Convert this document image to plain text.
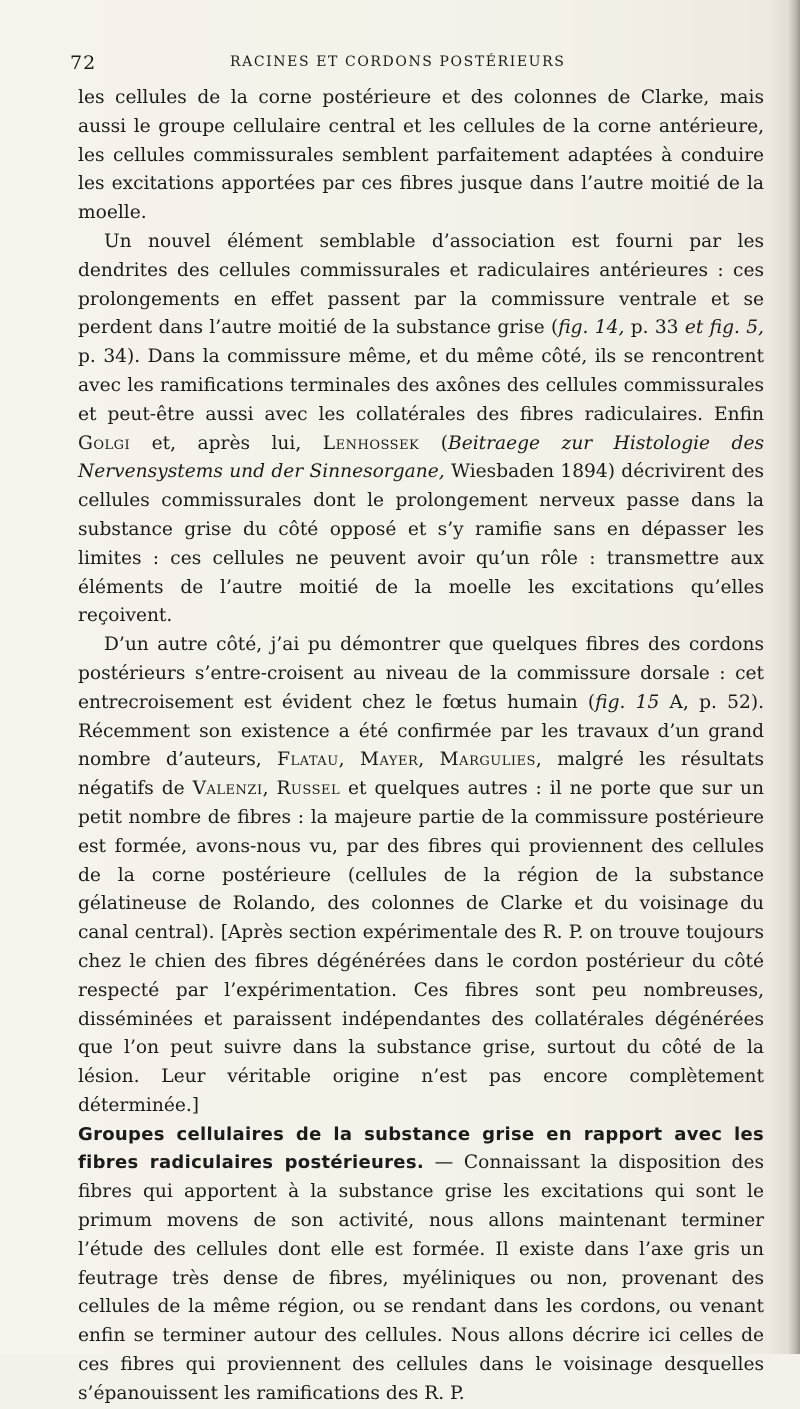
72	RACINES ET CORDONS POSTÉRIEURS

les cellules de la corne postérieure et des colonnes de Clarke, mais aussi le groupe cellulaire central et les cellules de la corne antérieure, les cellules commissurales semblent parfaitement adaptées à conduire les excitations apportées par ces fibres jusque dans l’autre moitié de la moelle.

Un nouvel élément semblable d’association est fourni par les dendrites des cellules commissurales et radiculaires antérieures : ces prolongements en effet passent par la commissure ventrale et se perdent dans l’autre moitié de la substance grise (fig. 14, p. 33 et fig. 5, p. 34). Dans la commissure même, et du même côté, ils se rencontrent avec les ramifications terminales des axônes des cellules commissurales et peut-être aussi avec les collatérales des fibres radiculaires. Enfin Golgi et, après lui, Lenhossek (Beitraege zur Histologie des Nervensystems und der Sinnesorgane, Wiesbaden 1894) décrivirent des cellules commissurales dont le prolongement nerveux passe dans la substance grise du côté opposé et s’y ramifie sans en dépasser les limites : ces cellules ne peuvent avoir qu’un rôle : transmettre aux éléments de l’autre moitié de la moelle les excitations qu’elles reçoivent.

D’un autre côté, j’ai pu démontrer que quelques fibres des cordons postérieurs s’entre-croisent au niveau de la commissure dorsale : cet entrecroisement est évident chez le fœtus humain (fig. 15 A, p. 52). Récemment son existence a été confirmée par les travaux d’un grand nombre d’auteurs, Flatau, Mayer, Margulies, malgré les résultats négatifs de Valenzi, Russel et quelques autres : il ne porte que sur un petit nombre de fibres : la majeure partie de la commissure postérieure est formée, avons-nous vu, par des fibres qui proviennent des cellules de la corne postérieure (cellules de la région de la substance gélatineuse de Rolando, des colonnes de Clarke et du voisinage du canal central). [Après section expérimentale des R. P. on trouve toujours chez le chien des fibres dégénérées dans le cordon postérieur du côté respecté par l’expérimentation. Ces fibres sont peu nombreuses, disséminées et paraissent indépendantes des collatérales dégénérées que l’on peut suivre dans la substance grise, surtout du côté de la lésion. Leur véritable origine n’est pas encore complètement déterminée.]

Groupes cellulaires de la substance grise en rapport avec les fibres radiculaires postérieures. — Connaissant la disposition des fibres qui apportent à la substance grise les excitations qui sont le primum movens de son activité, nous allons maintenant terminer l’étude des cellules dont elle est formée. Il existe dans l’axe gris un feutrage très dense de fibres, myéliniques ou non, provenant des cellules de la même région, ou se rendant dans les cordons, ou venant enfin se terminer autour des cellules. Nous allons décrire ici celles de ces fibres qui proviennent des cellules dans le voisinage desquelles s’épanouissent les ramifications des R. P.
